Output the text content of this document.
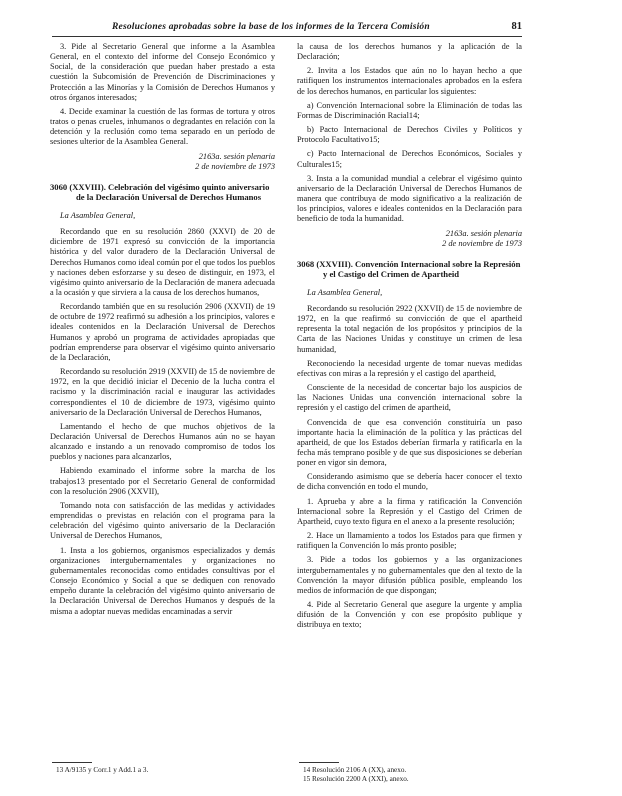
Resoluciones aprobadas sobre la base de los informes de la Tercera Comisión	81

3. Pide al Secretario General que informe a la Asamblea General, en el contexto del informe del Consejo Económico y Social, de la consideración que puedan haber prestado a esta cuestión la Subcomisión de Prevención de Discriminaciones y Protección a las Minorías y la Comisión de Derechos Humanos y otros órganos interesados;

4. Decide examinar la cuestión de las formas de tortura y otros tratos o penas crueles, inhumanos o degradantes en relación con la detención y la reclusión como tema separado en un período de sesiones ulterior de la Asamblea General.

2163a. sesión plenaria

2 de noviembre de 1973

3060 (XXVIII). Celebración del vigésimo quinto aniversario de la Declaración Universal de Derechos Humanos

La Asamblea General,

Recordando que en su resolución 2860 (XXVI) de 20 de diciembre de 1971 expresó su convicción de la importancia histórica y del valor duradero de la Declaración Universal de Derechos Humanos como ideal común por el que todos los pueblos y naciones deben esforzarse y su deseo de distinguir, en 1973, el vigésimo quinto aniversario de la Declaración de manera adecuada a la ocasión y que sirviera a la causa de los derechos humanos,

Recordando también que en su resolución 2906 (XXVII) de 19 de octubre de 1972 reafirmó su adhesión a los principios, valores e ideales contenidos en la Declaración Universal de Derechos Humanos y aprobó un programa de actividades apropiadas que podrían emprenderse para observar el vigésimo quinto aniversario de la Declaración,

Recordando su resolución 2919 (XXVII) de 15 de noviembre de 1972, en la que decidió iniciar el Decenio de la lucha contra el racismo y la discriminación racial e inaugurar las actividades correspondientes el 10 de diciembre de 1973, vigésimo quinto aniversario de la Declaración Universal de Derechos Humanos,

Lamentando el hecho de que muchos objetivos de la Declaración Universal de Derechos Humanos aún no se hayan alcanzado e instando a un renovado compromiso de todos los pueblos y naciones para alcanzarlos,

Habiendo examinado el informe sobre la marcha de los trabajos13 presentado por el Secretario General de conformidad con la resolución 2906 (XXVII),

Tomando nota con satisfacción de las medidas y actividades emprendidas o previstas en relación con el programa para la celebración del vigésimo quinto aniversario de la Declaración Universal de Derechos Humanos,

1. Insta a los gobiernos, organismos especializados y demás organizaciones intergubernamentales y organizaciones no gubernamentales reconocidas como entidades consultivas por el Consejo Económico y Social a que se dediquen con renovado empeño durante la celebración del vigésimo quinto aniversario de la Declaración Universal de Derechos Humanos y después de la misma a adoptar nuevas medidas encaminadas a servir

13 A/9135 y Corr.1 y Add.1 a 3.

la causa de los derechos humanos y la aplicación de la Declaración;

2. Invita a los Estados que aún no lo hayan hecho a que ratifiquen los instrumentos internacionales aprobados en la esfera de los derechos humanos, en particular los siguientes:

a) Convención Internacional sobre la Eliminación de todas las Formas de Discriminación Racial14;

b) Pacto Internacional de Derechos Civiles y Políticos y Protocolo Facultativo15;

c) Pacto Internacional de Derechos Económicos, Sociales y Culturales15;

3. Insta a la comunidad mundial a celebrar el vigésimo quinto aniversario de la Declaración Universal de Derechos Humanos de manera que contribuya de modo significativo a la realización de los principios, valores e ideales contenidos en la Declaración para beneficio de toda la humanidad.

2163a. sesión plenaria

2 de noviembre de 1973

3068 (XXVIII). Convención Internacional sobre la Represión y el Castigo del Crimen de Apartheid

La Asamblea General,

Recordando su resolución 2922 (XXVII) de 15 de noviembre de 1972, en la que reafirmó su convicción de que el apartheid representa la total negación de los propósitos y principios de la Carta de las Naciones Unidas y constituye un crimen de lesa humanidad,

Reconociendo la necesidad urgente de tomar nuevas medidas efectivas con miras a la represión y el castigo del apartheid,

Consciente de la necesidad de concertar bajo los auspicios de las Naciones Unidas una convención internacional sobre la represión y el castigo del crimen de apartheid,

Convencida de que esa convención constituiría un paso importante hacia la eliminación de la política y las prácticas del apartheid, de que los Estados deberían firmarla y ratificarla en la fecha más temprano posible y de que sus disposiciones se deberían poner en vigor sin demora,

Considerando asimismo que se debería hacer conocer el texto de dicha convención en todo el mundo,

1. Aprueba y abre a la firma y ratificación la Convención Internacional sobre la Represión y el Castigo del Crimen de Apartheid, cuyo texto figura en el anexo a la presente resolución;

2. Hace un llamamiento a todos los Estados para que firmen y ratifiquen la Convención lo más pronto posible;

3. Pide a todos los gobiernos y a las organizaciones intergubernamentales y no gubernamentales que den al texto de la Convención la mayor difusión pública posible, empleando los medios de información de que dispongan;

4. Pide al Secretario General que asegure la urgente y amplia difusión de la Convención y con ese propósito publique y distribuya en texto;

14 Resolución 2106 A (XX), anexo.
15 Resolución 2200 A (XXI), anexo.
